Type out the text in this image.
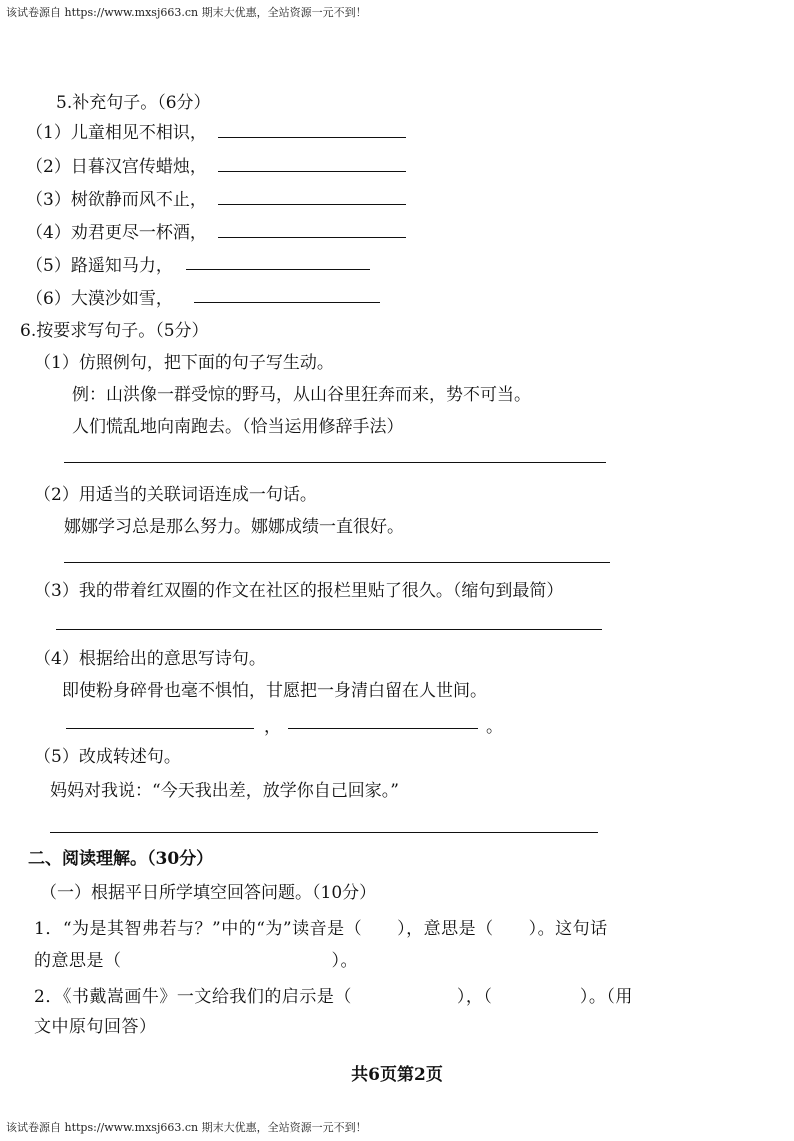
该试卷源自 https://www.mxsj663.cn 期末大优惠，全站资源一元不到！
5.补充句子。（6分）
（1）儿童相见不相识，
（2）日暮汉宫传蜡烛，
（3）树欲静而风不止，
（4）劝君更尽一杯酒，
（5）路遥知马力，
（6）大漠沙如雪，
6.按要求写句子。（5分）
（1）仿照例句，把下面的句子写生动。
例：山洪像一群受惊的野马，从山谷里狂奔而来，势不可当。
人们慌乱地向南跑去。（恰当运用修辞手法）
（2）用适当的关联词语连成一句话。
娜娜学习总是那么努力。娜娜成绩一直很好。
（3）我的带着红双圈的作文在社区的报栏里贴了很久。（缩句到最简）
（4）根据给出的意思写诗句。
即使粉身碎骨也毫不惧怕，甘愿把一身清白留在人世间。
，	。
（5）改成转述句。
妈妈对我说：“今天我出差，放学你自己回家。”
二、阅读理解。（30分）
（一）根据平日所学填空回答问题。（10分）
1．“为是其智弗若与？”中的“为”读音是（　　），意思是（　　）。这句话
的意思是（　　　　　　　　　　　　）。
2．《书戴嵩画牛》一文给我们的启示是（　　　　　　），（　　　　　）。（用
文中原句回答）
共6页第2页
该试卷源自 https://www.mxsj663.cn 期末大优惠，全站资源一元不到！
